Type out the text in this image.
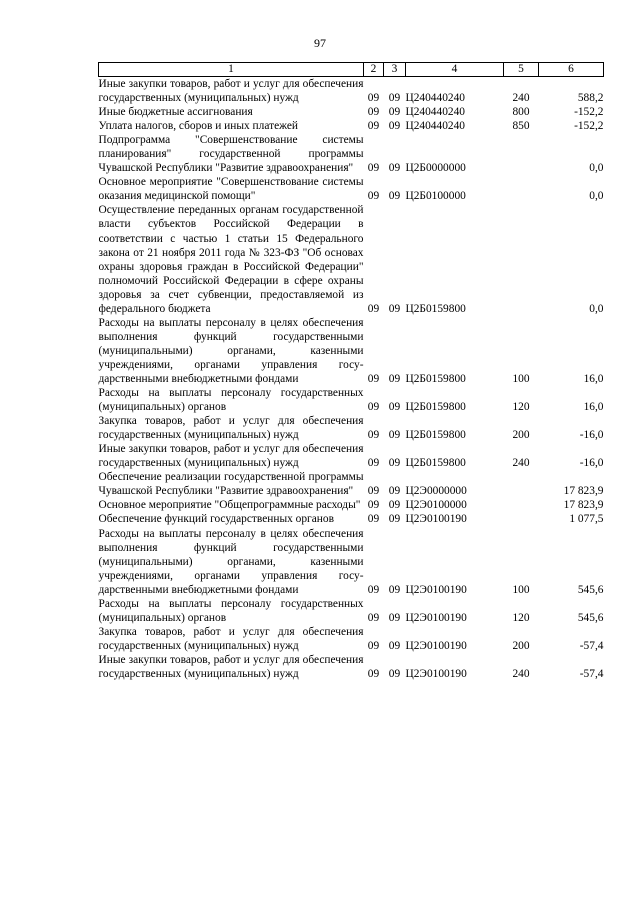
97
1	2	3	4	5	6
Иные закупки товаров, работ и услуг для обеспечения государственных (муниципальных) нужд	09	09	Ц240440240	240	588,2
Иные бюджетные ассигнования	09	09	Ц240440240	800	-152,2
Уплата налогов, сборов и иных платежей	09	09	Ц240440240	850	-152,2
Подпрограмма "Совершенствование системы планирования" государственной программы Чувашской Республики "Развитие здравоохранения"	09	09	Ц2Б0000000		0,0
Основное мероприятие "Совершенствование системы оказания медицинской помощи"	09	09	Ц2Б0100000		0,0
Осуществление переданных органам государственной власти субъектов Российской Федерации в соответствии с частью 1 статьи 15 Федерального закона от 21 ноября 2011 года № 323-ФЗ "Об основах охраны здоровья граждан в Российской Федерации" полномочий Российской Федерации в сфере охраны здоровья за счет субвенции, предоставляемой из федерального бюджета	09	09	Ц2Б0159800		0,0
Расходы на выплаты персоналу в целях обеспечения выполнения функций государственными (муниципальными) органами, казенными учреждениями, органами управления государственными внебюджетными фондами	09	09	Ц2Б0159800	100	16,0
Расходы на выплаты персоналу государственных (муниципальных) органов	09	09	Ц2Б0159800	120	16,0
Закупка товаров, работ и услуг для обеспечения государственных (муниципальных) нужд	09	09	Ц2Б0159800	200	-16,0
Иные закупки товаров, работ и услуг для обеспечения государственных (муниципальных) нужд	09	09	Ц2Б0159800	240	-16,0
Обеспечение реализации государственной программы Чувашской Республики "Развитие здравоохранения"	09	09	Ц2Э0000000		17 823,9
Основное мероприятие "Общепрограммные расходы"	09	09	Ц2Э0100000		17 823,9
Обеспечение функций государственных органов	09	09	Ц2Э0100190		1 077,5
Расходы на выплаты персоналу в целях обеспечения выполнения функций государственными (муниципальными) органами, казенными учреждениями, органами управления государственными внебюджетными фондами	09	09	Ц2Э0100190	100	545,6
Расходы на выплаты персоналу государственных (муниципальных) органов	09	09	Ц2Э0100190	120	545,6
Закупка товаров, работ и услуг для обеспечения государственных (муниципальных) нужд	09	09	Ц2Э0100190	200	-57,4
Иные закупки товаров, работ и услуг для обеспечения государственных (муниципальных) нужд	09	09	Ц2Э0100190	240	-57,4
